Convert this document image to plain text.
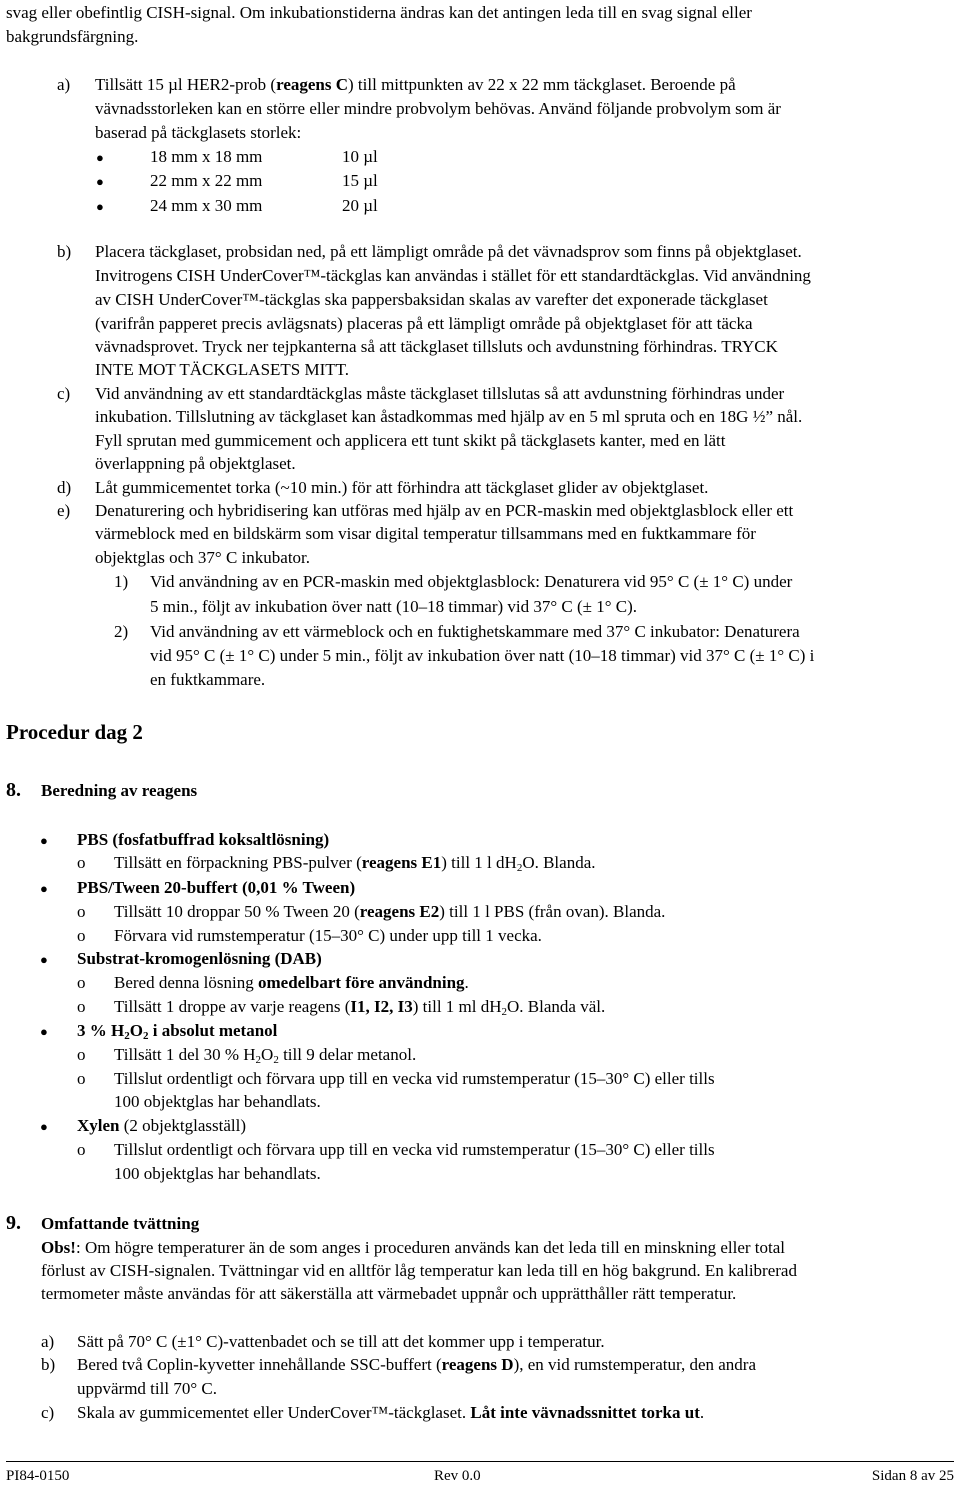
svag eller obefintlig CISH-signal. Om inkubationstiderna ändras kan det antingen leda till en svag signal eller
bakgrundsfärgning.
a) Tillsätt 15 µl HER2-prob (reagens C) till mittpunkten av 22 x 22 mm täckglaset. Beroende på
vävnadsstorleken kan en större eller mindre probvolym behövas. Använd följande probvolym som är
baserad på täckglasets storlek:
●	18 mm x 18 mm	10 µl
●	22 mm x 22 mm	15 µl
●	24 mm x 30 mm	20 µl
b) Placera täckglaset, probsidan ned, på ett lämpligt område på det vävnadsprov som finns på objektglaset.
Invitrogens CISH UnderCover™-täckglas kan användas i stället för ett standardtäckglas. Vid användning
av CISH UnderCover™-täckglas ska pappersbaksidan skalas av varefter det exponerade täckglaset
(varifrån papperet precis avlägsnats) placeras på ett lämpligt område på objektglaset för att täcka
vävnadsprovet. Tryck ner tejpkanterna så att täckglaset tillsluts och avdunstning förhindras. TRYCK
INTE MOT TÄCKGLASETS MITT.
c) Vid användning av ett standardtäckglas måste täckglaset tillslutas så att avdunstning förhindras under
inkubation. Tillslutning av täckglaset kan åstadkommas med hjälp av en 5 ml spruta och en 18G ½” nål.
Fyll sprutan med gummicement och applicera ett tunt skikt på täckglasets kanter, med en lätt
överlappning på objektglaset.
d) Låt gummicementet torka (~10 min.) för att förhindra att täckglaset glider av objektglaset.
e) Denaturering och hybridisering kan utföras med hjälp av en PCR-maskin med objektglasblock eller ett
värmeblock med en bildskärm som visar digital temperatur tillsammans med en fuktkammare för
objektglas och 37° C inkubator.
1) Vid användning av en PCR-maskin med objektglasblock: Denaturera vid 95° C (± 1° C) under
5 min., följt av inkubation över natt (10–18 timmar) vid 37° C (± 1° C).
2) Vid användning av ett värmeblock och en fuktighetskammare med 37° C inkubator: Denaturera
vid 95° C (± 1° C) under 5 min., följt av inkubation över natt (10–18 timmar) vid 37° C (± 1° C) i
en fuktkammare.
Procedur dag 2
8. Beredning av reagens
● PBS (fosfatbuffrad koksaltlösning)
o Tillsätt en förpackning PBS-pulver (reagens E1) till 1 l $dH_2O$. Blanda.
● PBS/Tween 20-buffert (0,01 % Tween)
o Tillsätt 10 droppar 50 % Tween 20 (reagens E2) till 1 l PBS (från ovan). Blanda.
o Förvara vid rumstemperatur (15–30° C) under upp till 1 vecka.
● Substrat-kromogenlösning (DAB)
o Bered denna lösning omedelbart före användning.
o Tillsätt 1 droppe av varje reagens (I1, I2, I3) till 1 ml $dH_2O$. Blanda väl.
● 3 % $H_2O_2$ i absolut metanol
o Tillsätt 1 del 30 % $H_2O_2$ till 9 delar metanol.
o Tillslut ordentligt och förvara upp till en vecka vid rumstemperatur (15–30° C) eller tills
100 objektglas har behandlats.
● Xylen (2 objektglasställ)
o Tillslut ordentligt och förvara upp till en vecka vid rumstemperatur (15–30° C) eller tills
100 objektglas har behandlats.
9. Omfattande tvättning
Obs!: Om högre temperaturer än de som anges i proceduren används kan det leda till en minskning eller total
förlust av CISH-signalen. Tvättningar vid en alltför låg temperatur kan leda till en hög bakgrund. En kalibrerad
termometer måste användas för att säkerställa att värmebadet uppnår och upprätthåller rätt temperatur.
a) Sätt på 70° C (±1° C)-vattenbadet och se till att det kommer upp i temperatur.
b) Bered två Coplin-kyvetter innehållande SSC-buffert (reagens D), en vid rumstemperatur, den andra
uppvärmd till 70° C.
c) Skala av gummicementet eller UnderCover™-täckglaset. Låt inte vävnadssnittet torka ut.
PI84-0150	Rev 0.0	Sidan 8 av 25
